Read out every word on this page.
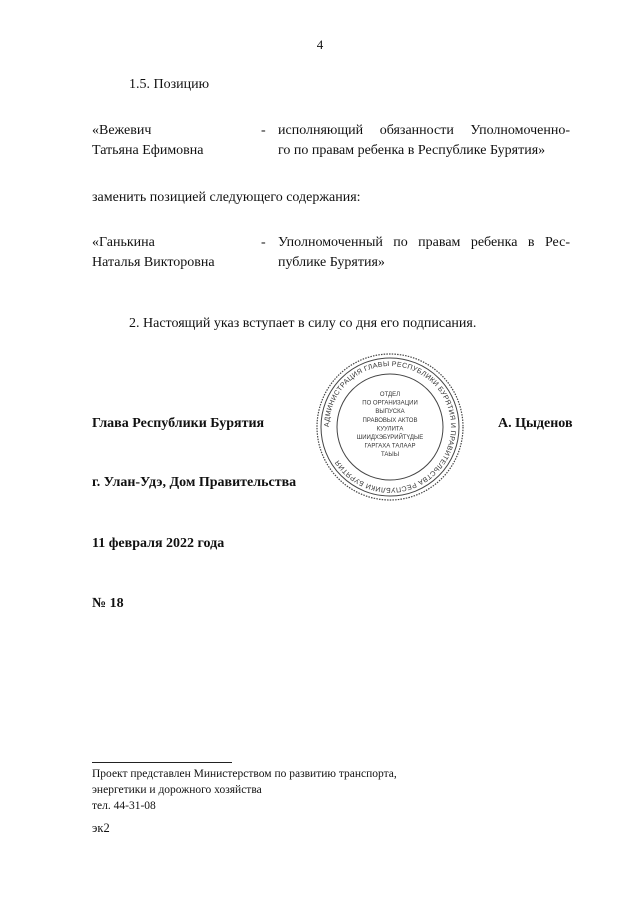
4
1.5. Позицию
«Вежевич
Татьяна Ефимовна
- исполняющий обязанности Уполномоченно-
го по правам ребенка в Республике Бурятия»
заменить позицией следующего содержания:
«Ганькина
Наталья Викторовна
- Уполномоченный по правам ребенка в Рес-
публике Бурятия»
2. Настоящий указ вступает в силу со дня его подписания.
АДМИНИСТРАЦИЯ ГЛАВЫ РЕСПУБЛИКИ БУРЯТИЯ И ПРАВИТЕЛЬСТВА РЕСПУБЛИКИ БУРЯТИЯ
ОТДЕЛ
ПО ОРГАНИЗАЦИИ
ВЫПУСКА
ПРАВОВЫХ АКТОВ
КУУЛИТА
ШИИДХЭБҮРИЙТҮДЫЕ
ГАРГАХА ТАЛААР
ТАЫЫ
Глава Республики Бурятия	А. Цыденов
г. Улан-Удэ, Дом Правительства
11 февраля 2022 года
№ 18
Проект представлен Министерством по развитию транспорта,
энергетики и дорожного хозяйства
тел. 44-31-08
эк2
